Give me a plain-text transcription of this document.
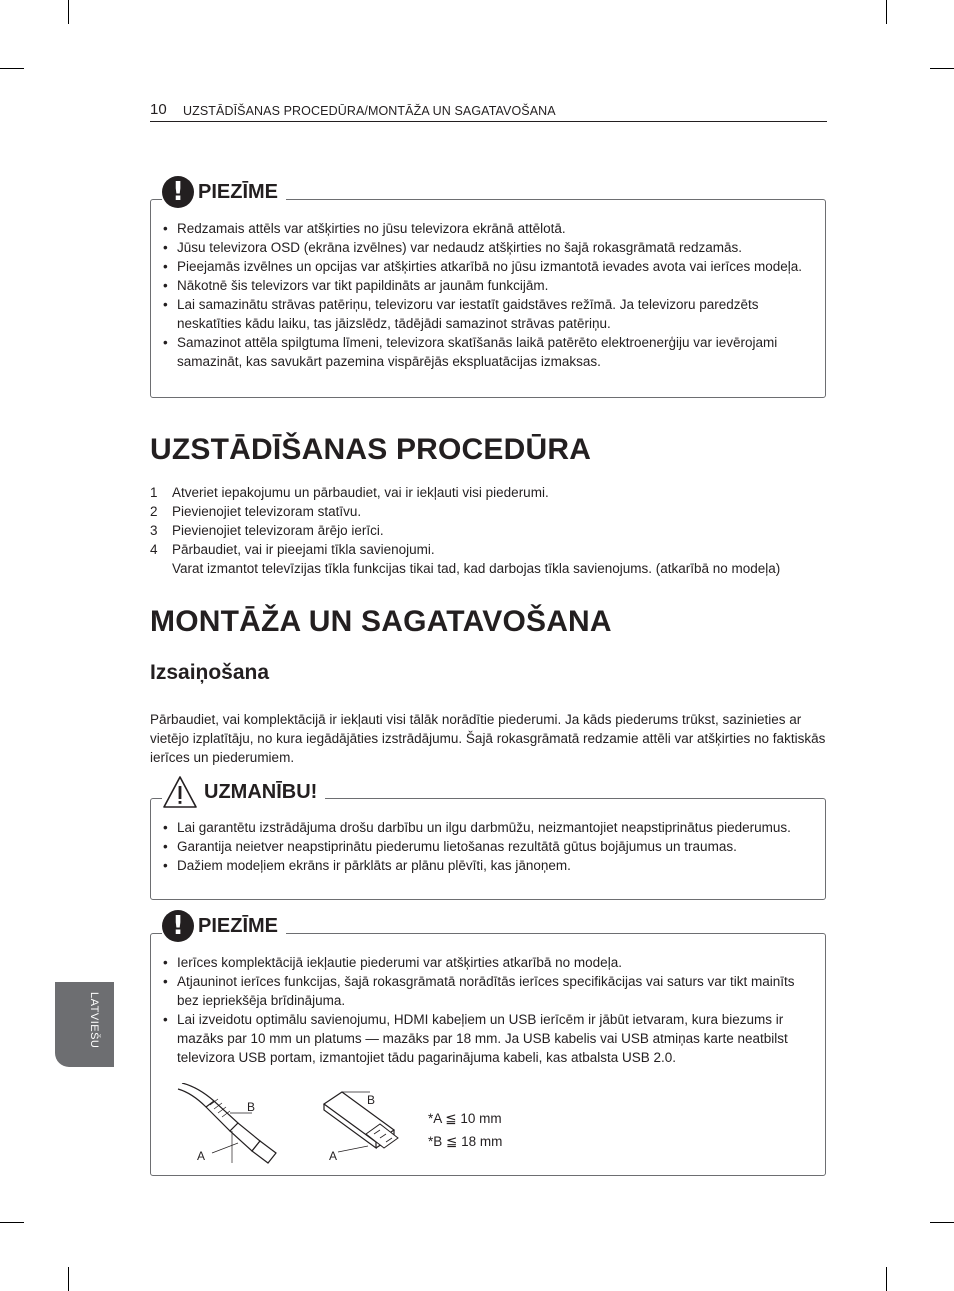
10 UZSTĀDĪŠANAS PROCEDŪRA/MONTĀŽA UN SAGATAVOŠANA
• Redzamais attēls var atšķirties no jūsu televizora ekrānā attēlotā.
• Jūsu televizora OSD (ekrāna izvēlnes) var nedaudz atšķirties no šajā rokasgrāmatā redzamās.
• Pieejamās izvēlnes un opcijas var atšķirties atkarībā no jūsu izmantotā ievades avota vai ierīces modeļa.
• Nākotnē šis televizors var tikt papildināts ar jaunām funkcijām.
• Lai samazinātu strāvas patēriņu, televizoru var iestatīt gaidstāves režīmā. Ja televizoru paredzēts neskatīties kādu laiku, tas jāizslēdz, tādējādi samazinot strāvas patēriņu.
• Samazinot attēla spilgtuma līmeni, televizora skatīšanās laikā patērēto elektroenerģiju var ievērojami samazināt, kas savukārt pazemina vispārējās ekspluatācijas izmaksas.
! PIEZĪME
UZSTĀDĪŠANAS PROCEDŪRA
1	Atveriet iepakojumu un pārbaudiet, vai ir iekļauti visi piederumi.
2	Pievienojiet televizoram statīvu.
3	Pievienojiet televizoram ārējo ierīci.
4	Pārbaudiet, vai ir pieejami tīkla savienojumi.
Varat izmantot televīzijas tīkla funkcijas tikai tad, kad darbojas tīkla savienojums. (atkarībā no modeļa)
MONTĀŽA UN SAGATAVOŠANA
Izsaiņošana
Pārbaudiet, vai komplektācijā ir iekļauti visi tālāk norādītie piederumi. Ja kāds piederums trūkst, sazinieties ar vietējo izplatītāju, no kura iegādājāties izstrādājumu. Šajā rokasgrāmatā redzamie attēli var atšķirties no faktiskās ierīces un piederumiem.
• Lai garantētu izstrādājuma drošu darbību un ilgu darbmūžu, neizmantojiet neapstiprinātus piederumus.
• Garantija neietver neapstiprinātu piederumu lietošanas rezultātā gūtus bojājumus un traumas.
• Dažiem modeļiem ekrāns ir pārklāts ar plānu plēvīti, kas jānoņem.
UZMANĪBU!
• Ierīces komplektācijā iekļautie piederumi var atšķirties atkarībā no modeļa.
• Atjauninot ierīces funkcijas, šajā rokasgrāmatā norādītās ierīces specifikācijas vai saturs var tikt mainīts bez iepriekšēja brīdinājuma.
• Lai izveidotu optimālu savienojumu, HDMI kabeļiem un USB ierīcēm ir jābūt ietvaram, kura biezums ir mazāks par 10 mm un platums — mazāks par 18 mm. Ja USB kabelis vai USB atmiņas karte neatbilst televizora USB portam, izmantojiet tādu pagarinājuma kabeli, kas atbalsta USB 2.0.
! PIEZĪME
B
A
B
A
*A ≦ 10 mm
*B ≦ 18 mm
LATVIEŠU
